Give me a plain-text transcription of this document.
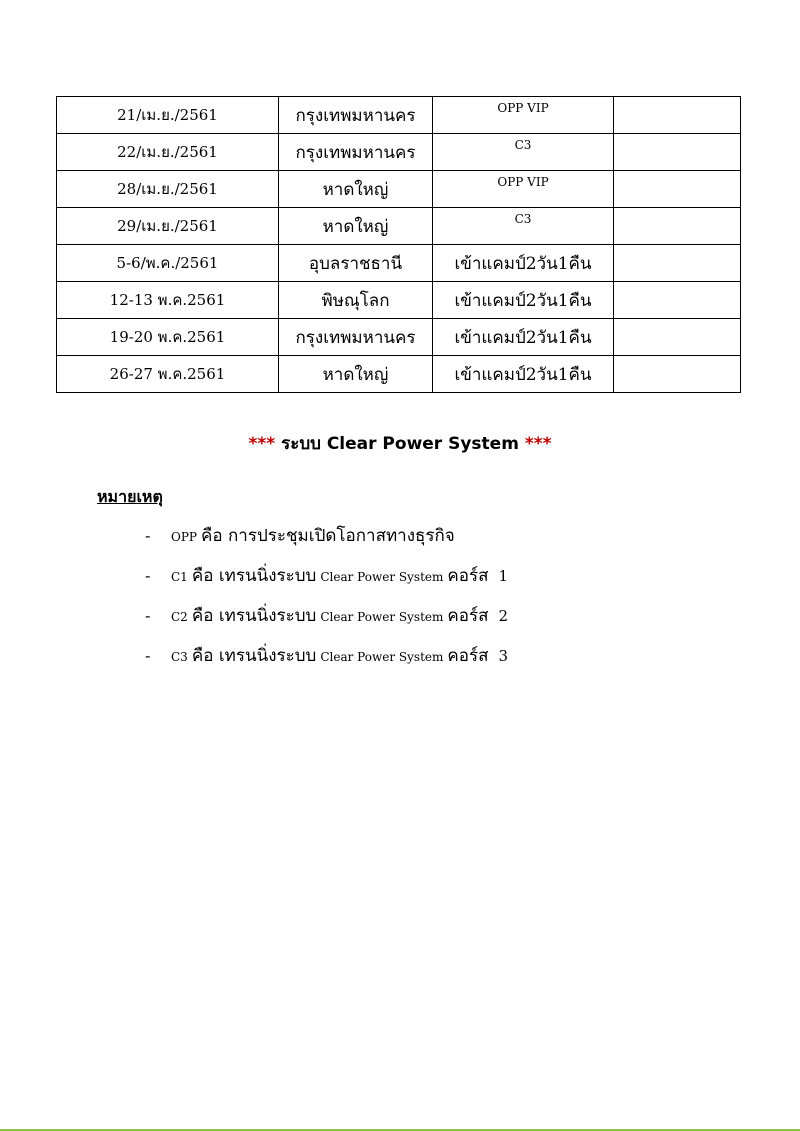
21/เม.ย./2561	กรุงเทพมหานคร	$^{OPP VIP}$	
22/เม.ย./2561	กรุงเทพมหานคร	$^{C3}$	
28/เม.ย./2561	หาดใหญ่	$^{OPP VIP}$	
29/เม.ย./2561	หาดใหญ่	$^{C3}$	
5-6/พ.ค./2561	อุบลราชธานี	เข้าแคมป์2วัน1คืน	
12-13 พ.ค.2561	พิษณุโลก	เข้าแคมป์2วัน1คืน	
19-20 พ.ค.2561	กรุงเทพมหานคร	เข้าแคมป์2วัน1คืน	
26-27 พ.ค.2561	หาดใหญ่	เข้าแคมป์2วัน1คืน	
*** ระบบ Clear Power System ***
หมายเหตุ
-	OPP คือ การประชุมเปิดโอกาสทางธุรกิจ
-	C1 คือ เทรนนิ่งระบบ Clear Power System คอร์ส 1
-	C2 คือ เทรนนิ่งระบบ Clear Power System คอร์ส 2
-	C3 คือ เทรนนิ่งระบบ Clear Power System คอร์ส 3
